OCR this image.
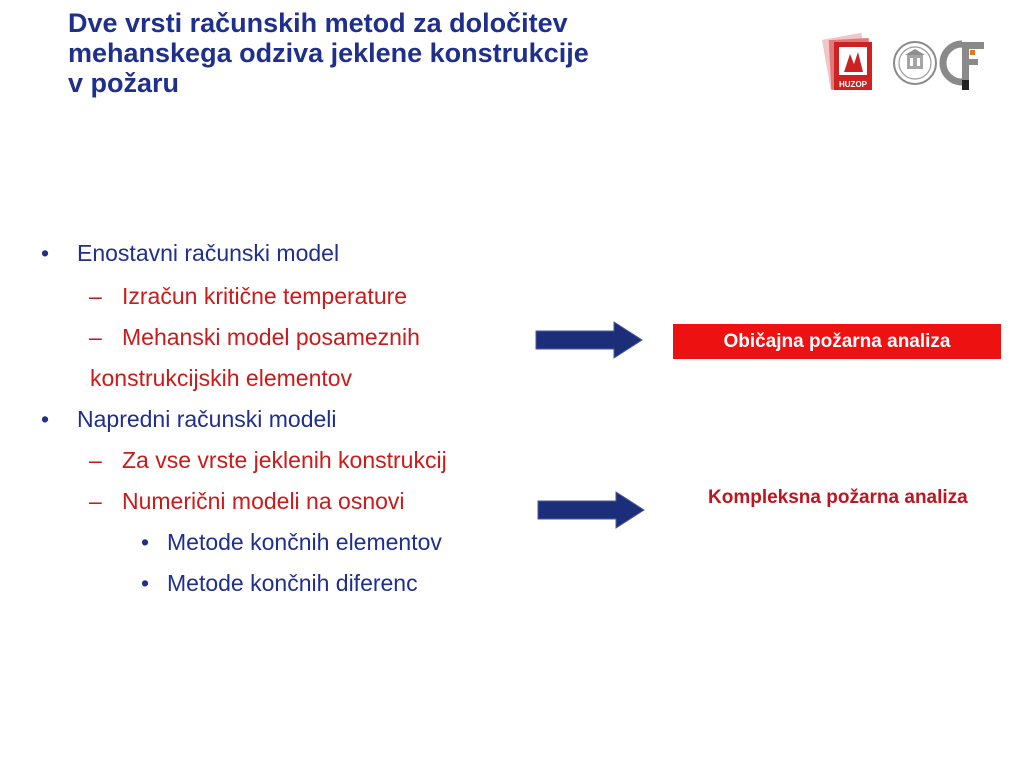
Dve vrsti računskih metod za določitev
mehanskega odziva jeklene konstrukcije
v požaru	HUZOP
• Enostavni računski model
– Izračun kritične temperature
– Mehanski model posameznih
konstrukcijskih elementov
• Napredni računski modeli
– Za vse vrste jeklenih konstrukcij
– Numerični modeli na osnovi
• Metode končnih elementov
• Metode končnih diferenc
Običajna požarna analiza
Kompleksna požarna analiza
